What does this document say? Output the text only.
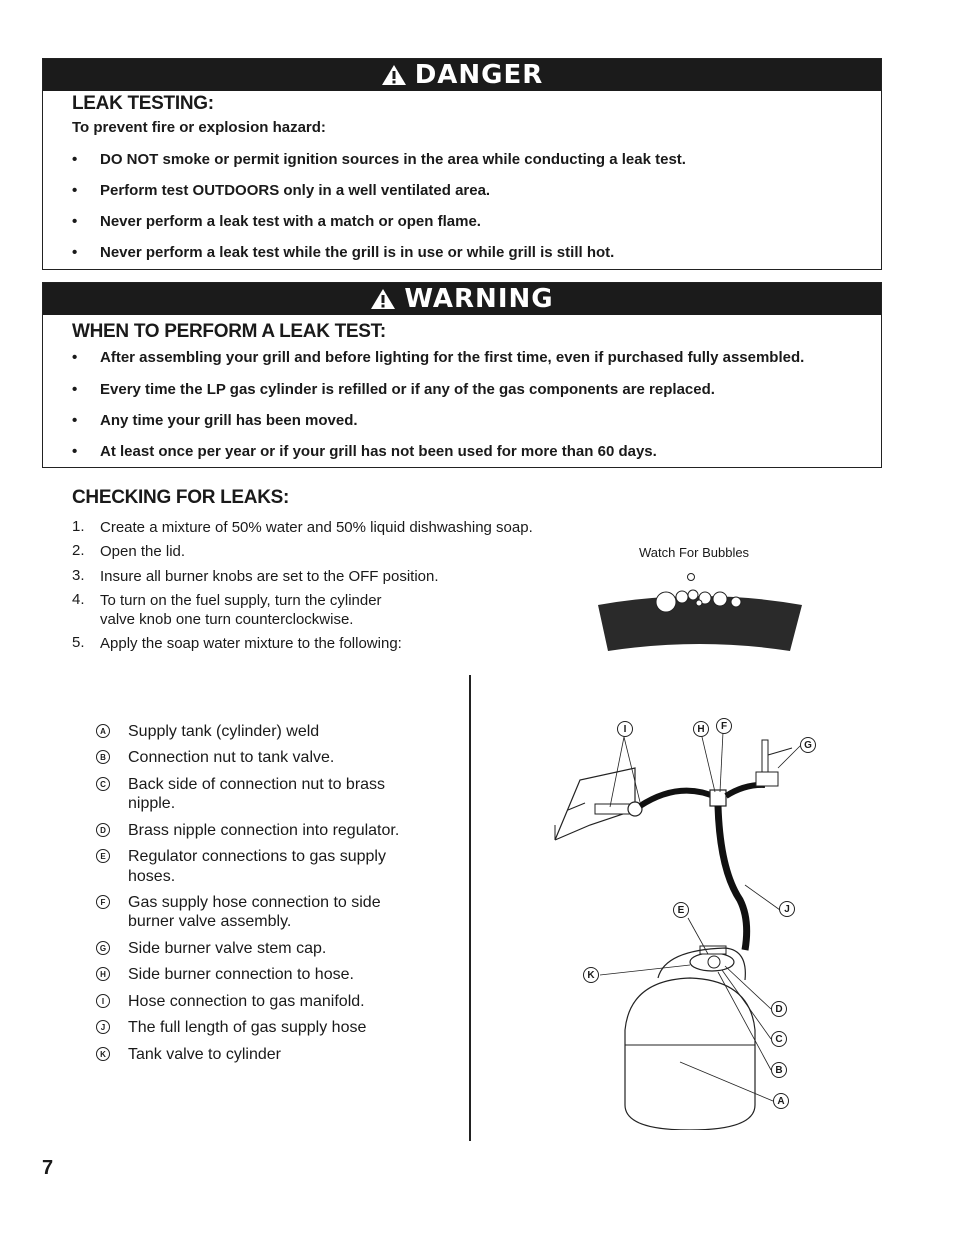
DANGER
LEAK TESTING:
To prevent fire or explosion hazard:
• DO NOT smoke or permit ignition sources in the area while conducting a leak test.
• Perform test OUTDOORS only in a well ventilated area.
• Never perform a leak test with a match or open flame.
• Never perform a leak test while the grill is in use or while grill is still hot.
WARNING
WHEN TO PERFORM A LEAK TEST:
• After assembling your grill and before lighting for the first time, even if purchased fully assembled.
• Every time the LP gas cylinder is refilled or if any of the gas components are replaced.
• Any time your grill has been moved.
• At least once per year or if your grill has not been used for more than 60 days.
CHECKING FOR LEAKS:
1. Create a mixture of 50% water and 50% liquid dishwashing soap.
2. Open the lid.
3. Insure all burner knobs are set to the OFF position.
4. To turn on the fuel supply, turn the cylinder
valve knob one turn counterclockwise.
5. Apply the soap water mixture to the following:
Watch For Bubbles
A Supply tank (cylinder) weld
B Connection nut to tank valve.
C Back side of connection nut to brass
nipple.
D Brass nipple connection into regulator.
E Regulator connections to gas supply
hoses.
F Gas supply hose connection to side
burner valve assembly.
G Side burner valve stem cap.
H Side burner connection to hose.
I	Hose connection to gas manifold.
J The full length of gas supply hose
K Tank valve to cylinder
I	H	F
G
E	J
K
D
C
B
A
7
